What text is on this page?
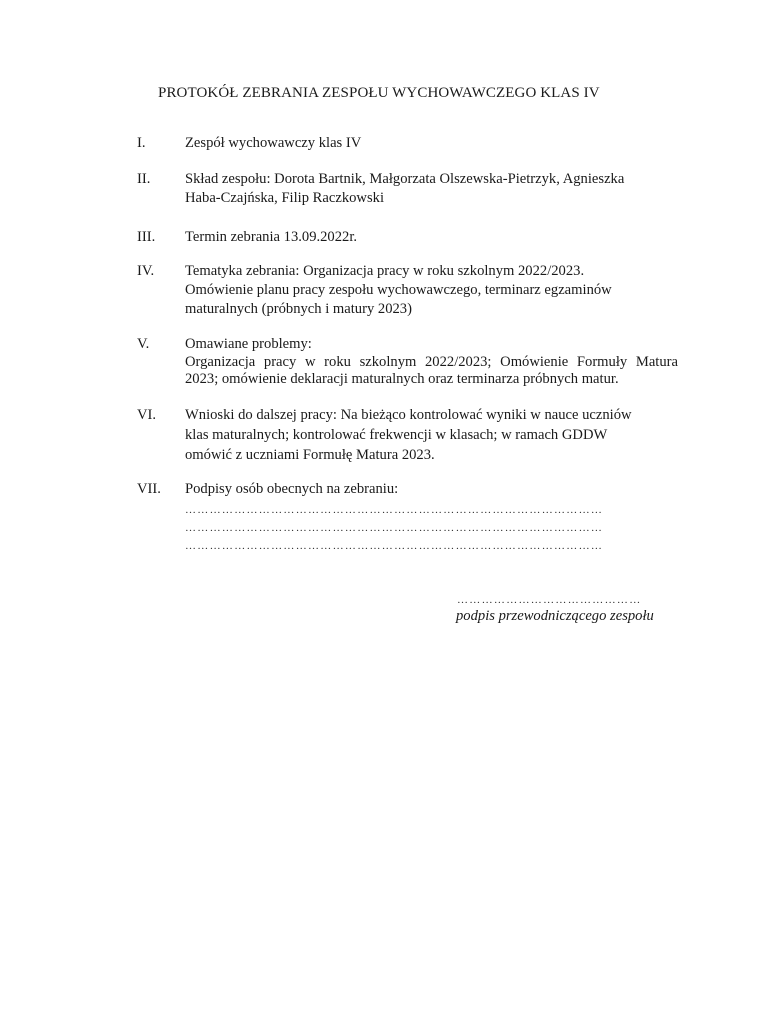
PROTOKÓŁ ZEBRANIA ZESPOŁU WYCHOWAWCZEGO KLAS IV
I.	Zespół wychowawczy klas IV
II. Skład zespołu: Dorota Bartnik, Małgorzata Olszewska-Pietrzyk, Agnieszka
Haba-Czajńska, Filip Raczkowski
III. Termin zebrania 13.09.2022r.
IV. Tematyka zebrania: Organizacja pracy w roku szkolnym 2022/2023.
Omówienie planu pracy zespołu wychowawczego, terminarz egzaminów
maturalnych (próbnych i matury 2023)
V. Omawiane problemy:
Organizacja pracy w roku szkolnym 2022/2023; Omówienie Formuły Matura
2023; omówienie deklaracji maturalnych oraz terminarza próbnych matur.
VI. Wnioski do dalszej pracy: Na bieżąco kontrolować wyniki w nauce uczniów
klas maturalnych; kontrolować frekwencji w klasach; w ramach GDDW
omówić z uczniami Formułę Matura 2023.
VII. Podpisy osób obecnych na zebraniu:
…………………………………………………………………………………………
…………………………………………………………………………………………
…………………………………………………………………………………………
………………………………………
podpis przewodniczącego zespołu
